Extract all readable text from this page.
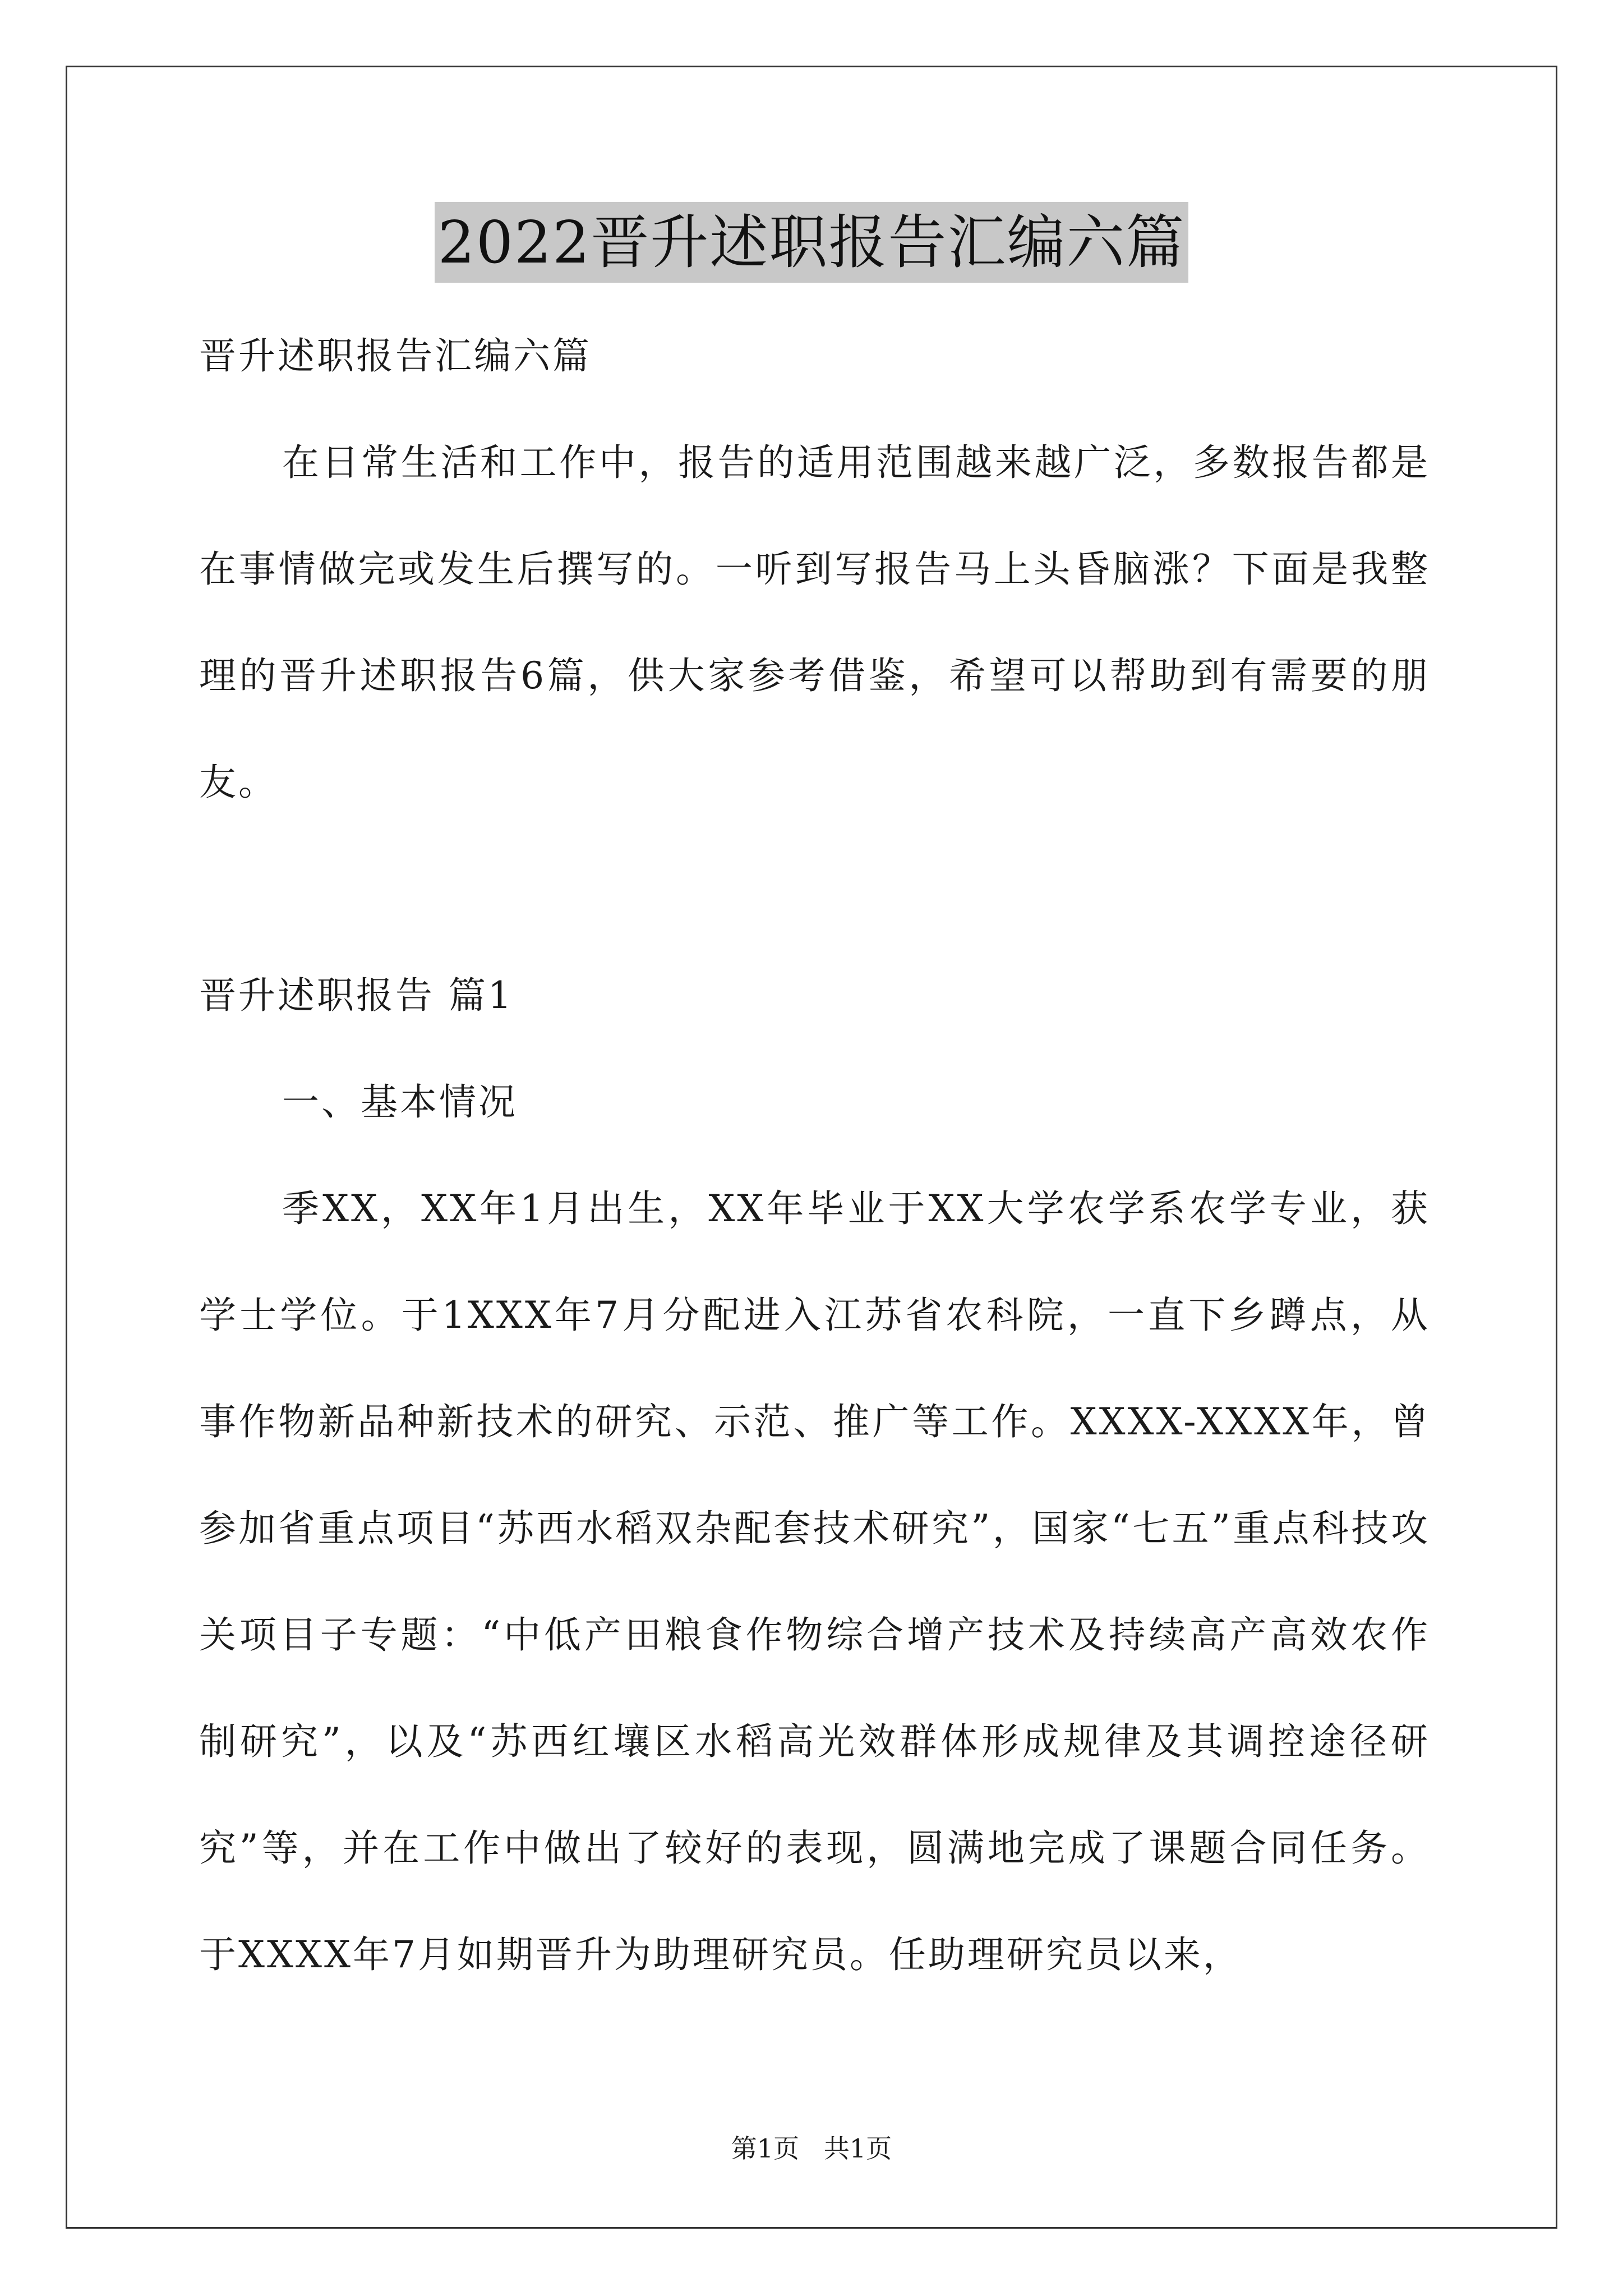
2022晋升述职报告汇编六篇

晋升述职报告汇编六篇

在日常生活和工作中，报告的适用范围越来越广泛，多数报告都是在事情做完或发生后撰写的。一听到写报告马上头昏脑涨？下面是我整理的晋升述职报告6篇，供大家参考借鉴，希望可以帮助到有需要的朋友。

晋升述职报告 篇1

一、基本情况

季XX，XX年1月出生，XX年毕业于XX大学农学系农学专业，获学士学位。于1XXX年7月分配进入江苏省农科院，一直下乡蹲点，从事作物新品种新技术的研究、示范、推广等工作。XXXX-XXXX年，曾参加省重点项目“苏西水稻双杂配套技术研究”，国家“七五”重点科技攻关项目子专题：“中低产田粮食作物综合增产技术及持续高产高效农作制研究”，以及“苏西红壤区水稻高光效群体形成规律及其调控途径研究”等，并在工作中做出了较好的表现，圆满地完成了课题合同任务。于XXXX年7月如期晋升为助理研究员。任助理研究员以来，

第1页   共1页
